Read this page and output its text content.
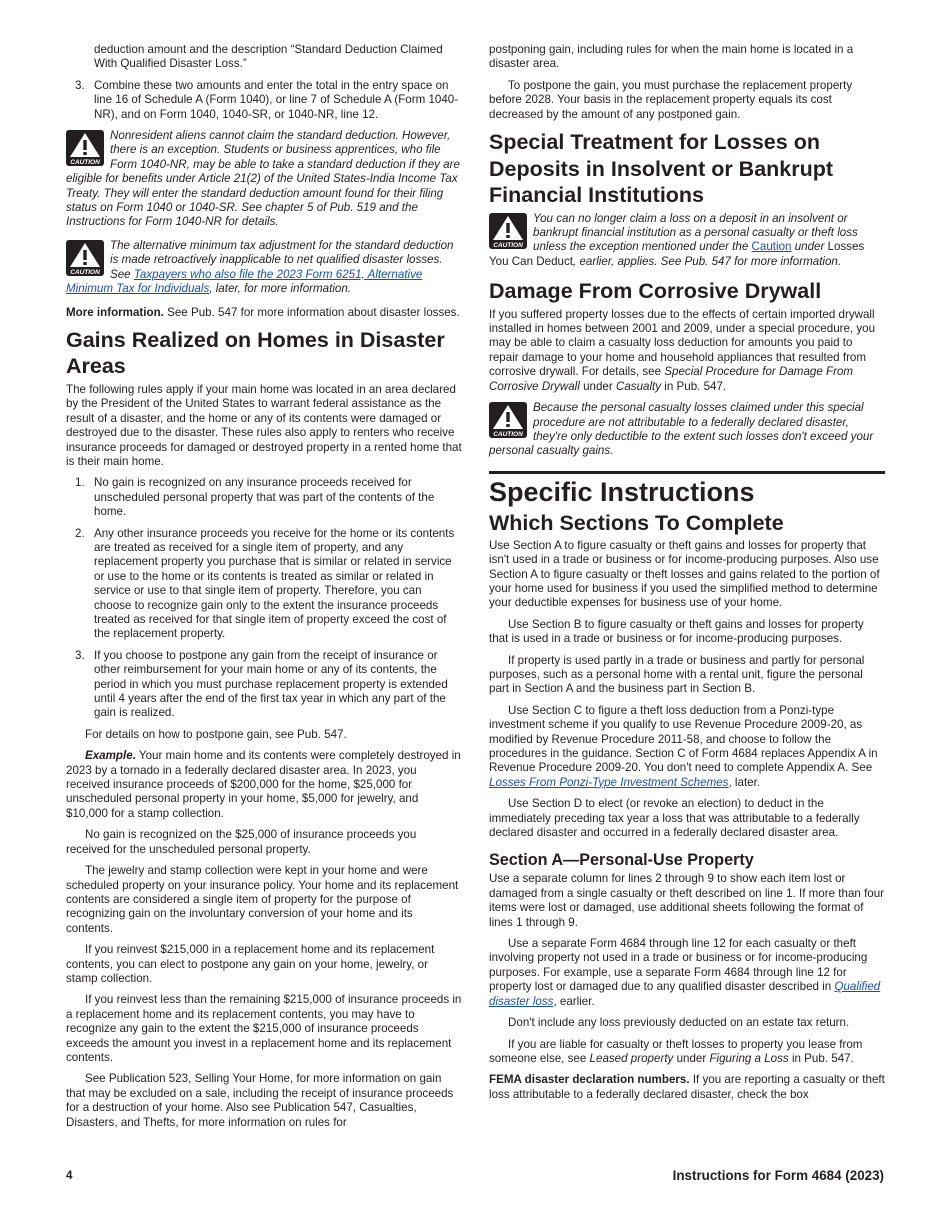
deduction amount and the description “Standard Deduction Claimed With Qualified Disaster Loss.”

3. Combine these two amounts and enter the total in the entry space on line 16 of Schedule A (Form 1040), or line 7 of Schedule A (Form 1040-NR), and on Form 1040, 1040-SR, or 1040-NR, line 12.
CAUTION
Nonresident aliens cannot claim the standard deduction. However, there is an exception. Students or business apprentices, who file Form 1040-NR, may be able to take a standard deduction if they are eligible for benefits under Article 21(2) of the United States-India Income Tax Treaty. They will enter the standard deduction amount found for their filing status on Form 1040 or 1040-SR. See chapter 5 of Pub. 519 and the Instructions for Form 1040-NR for details.
CAUTION
The alternative minimum tax adjustment for the standard deduction is made retroactively inapplicable to net qualified disaster losses. See Taxpayers who also file the 2023 Form 6251, Alternative Minimum Tax for Individuals, later, for more information.

More information. See Pub. 547 for more information about disaster losses.

Gains Realized on Homes in Disaster Areas

The following rules apply if your main home was located in an area declared by the President of the United States to warrant federal assistance as the result of a disaster, and the home or any of its contents were damaged or destroyed due to the disaster. These rules also apply to renters who receive insurance proceeds for damaged or destroyed property in a rented home that is their main home.

1. No gain is recognized on any insurance proceeds received for unscheduled personal property that was part of the contents of the home.
2. Any other insurance proceeds you receive for the home or its contents are treated as received for a single item of property, and any replacement property you purchase that is similar or related in service or use to the home or its contents is treated as similar or related in service or use to that single item of property. Therefore, you can choose to recognize gain only to the extent the insurance proceeds treated as received for that single item of property exceed the cost of the replacement property.
3. If you choose to postpone any gain from the receipt of insurance or other reimbursement for your main home or any of its contents, the period in which you must purchase replacement property is extended until 4 years after the end of the first tax year in which any part of the gain is realized.

For details on how to postpone gain, see Pub. 547.

Example. Your main home and its contents were completely destroyed in 2023 by a tornado in a federally declared disaster area. In 2023, you received insurance proceeds of $200,000 for the home, $25,000 for unscheduled personal property in your home, $5,000 for jewelry, and $10,000 for a stamp collection.

No gain is recognized on the $25,000 of insurance proceeds you received for the unscheduled personal property.

The jewelry and stamp collection were kept in your home and were scheduled property on your insurance policy. Your home and its replacement contents are considered a single item of property for the purpose of recognizing gain on the involuntary conversion of your home and its contents.

If you reinvest $215,000 in a replacement home and its replacement contents, you can elect to postpone any gain on your home, jewelry, or stamp collection.

If you reinvest less than the remaining $215,000 of insurance proceeds in a replacement home and its replacement contents, you may have to recognize any gain to the extent the $215,000 of insurance proceeds exceeds the amount you invest in a replacement home and its replacement contents.

See Publication 523, Selling Your Home, for more information on gain that may be excluded on a sale, including the receipt of insurance proceeds for a destruction of your home. Also see Publication 547, Casualties, Disasters, and Thefts, for more information on rules for

postponing gain, including rules for when the main home is located in a disaster area.

To postpone the gain, you must purchase the replacement property before 2028. Your basis in the replacement property equals its cost decreased by the amount of any postponed gain.

Special Treatment for Losses on Deposits in Insolvent or Bankrupt Financial Institutions
CAUTION
You can no longer claim a loss on a deposit in an insolvent or bankrupt financial institution as a personal casualty or theft loss unless the exception mentioned under the Caution under Losses You Can Deduct, earlier, applies. See Pub. 547 for more information.
Damage From Corrosive Drywall

If you suffered property losses due to the effects of certain imported drywall installed in homes between 2001 and 2009, under a special procedure, you may be able to claim a casualty loss deduction for amounts you paid to repair damage to your home and household appliances that resulted from corrosive drywall. For details, see Special Procedure for Damage From Corrosive Drywall under Casualty in Pub. 547.

CAUTION
Because the personal casualty losses claimed under this special procedure are not attributable to a federally declared disaster, they're only deductible to the extent such losses don't exceed your personal casualty gains.
Specific Instructions
Which Sections To Complete

Use Section A to figure casualty or theft gains and losses for property that isn't used in a trade or business or for income-producing purposes. Also use Section A to figure casualty or theft losses and gains related to the portion of your home used for business if you used the simplified method to determine your deductible expenses for business use of your home.

Use Section B to figure casualty or theft gains and losses for property that is used in a trade or business or for income-producing purposes.

If property is used partly in a trade or business and partly for personal purposes, such as a personal home with a rental unit, figure the personal part in Section A and the business part in Section B.

Use Section C to figure a theft loss deduction from a Ponzi-type investment scheme if you qualify to use Revenue Procedure 2009-20, as modified by Revenue Procedure 2011-58, and choose to follow the procedures in the guidance. Section C of Form 4684 replaces Appendix A in Revenue Procedure 2009-20. You don't need to complete Appendix A. See Losses From Ponzi-Type Investment Schemes, later.

Use Section D to elect (or revoke an election) to deduct in the immediately preceding tax year a loss that was attributable to a federally declared disaster and occurred in a federally declared disaster area.

Section A—Personal-Use Property

Use a separate column for lines 2 through 9 to show each item lost or damaged from a single casualty or theft described on line 1. If more than four items were lost or damaged, use additional sheets following the format of lines 1 through 9.

Use a separate Form 4684 through line 12 for each casualty or theft involving property not used in a trade or business or for income-producing purposes. For example, use a separate Form 4684 through line 12 for property lost or damaged due to any qualified disaster described in Qualified disaster loss, earlier.

Don't include any loss previously deducted on an estate tax return.

If you are liable for casualty or theft losses to property you lease from someone else, see Leased property under Figuring a Loss in Pub. 547.

FEMA disaster declaration numbers. If you are reporting a casualty or theft loss attributable to a federally declared disaster, check the box

4	Instructions for Form 4684 (2023)
